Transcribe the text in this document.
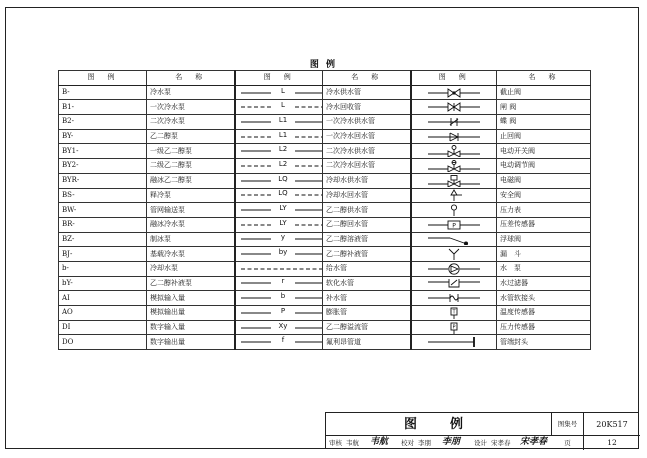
图 例
图　例	名　称	图　例	名　称	图　例	名　称
B-	冷水泵	L	冷水供水管		截止阀
B1-	一次冷水泵	L	冷水回收管		闸 阀
B2-	二次冷水泵	L1	一次冷水供水管		蝶 阀
BY-	乙二醇泵	L1	一次冷水回水管		止回阀
BY1-	一级乙二醇泵	L2	二次冷水供水管		电动开关阀
BY2-	二级乙二醇泵	L2	二次冷水回水管		电动调节阀
BYR-	融冰乙二醇泵	LQ	冷却水供水管		电磁阀
BS-	释冷泵	LQ	冷却水回水管		安全阀
BW-	管网输送泵	LY	乙二醇供水管		压力表
BR-	融冰冷水泵	LY	乙二醇回水管	P	压差传感器
BZ-	制冰泵	y	乙二醇溶液管		浮球阀
BJ-	基载冷水泵	by	乙二醇补液管		漏　斗
b-	冷却水泵		给水管		水　泵
bY-	乙二醇补液泵	r	软化水管		水过滤器
AI	模拟输入量	b	补水管		水管软接头
AO	模拟输出量	P	膨胀管	T	温度传感器
DI	数字输入量	Xy	乙二醇溢流管	P	压力传感器
DO	数字输出量	f	氟利昂管道		管端封头
图　例	图集号	20K517
页	12
审核 韦航 韦航 校对 李朋 李朋 设计 宋孝春 宋孝春
